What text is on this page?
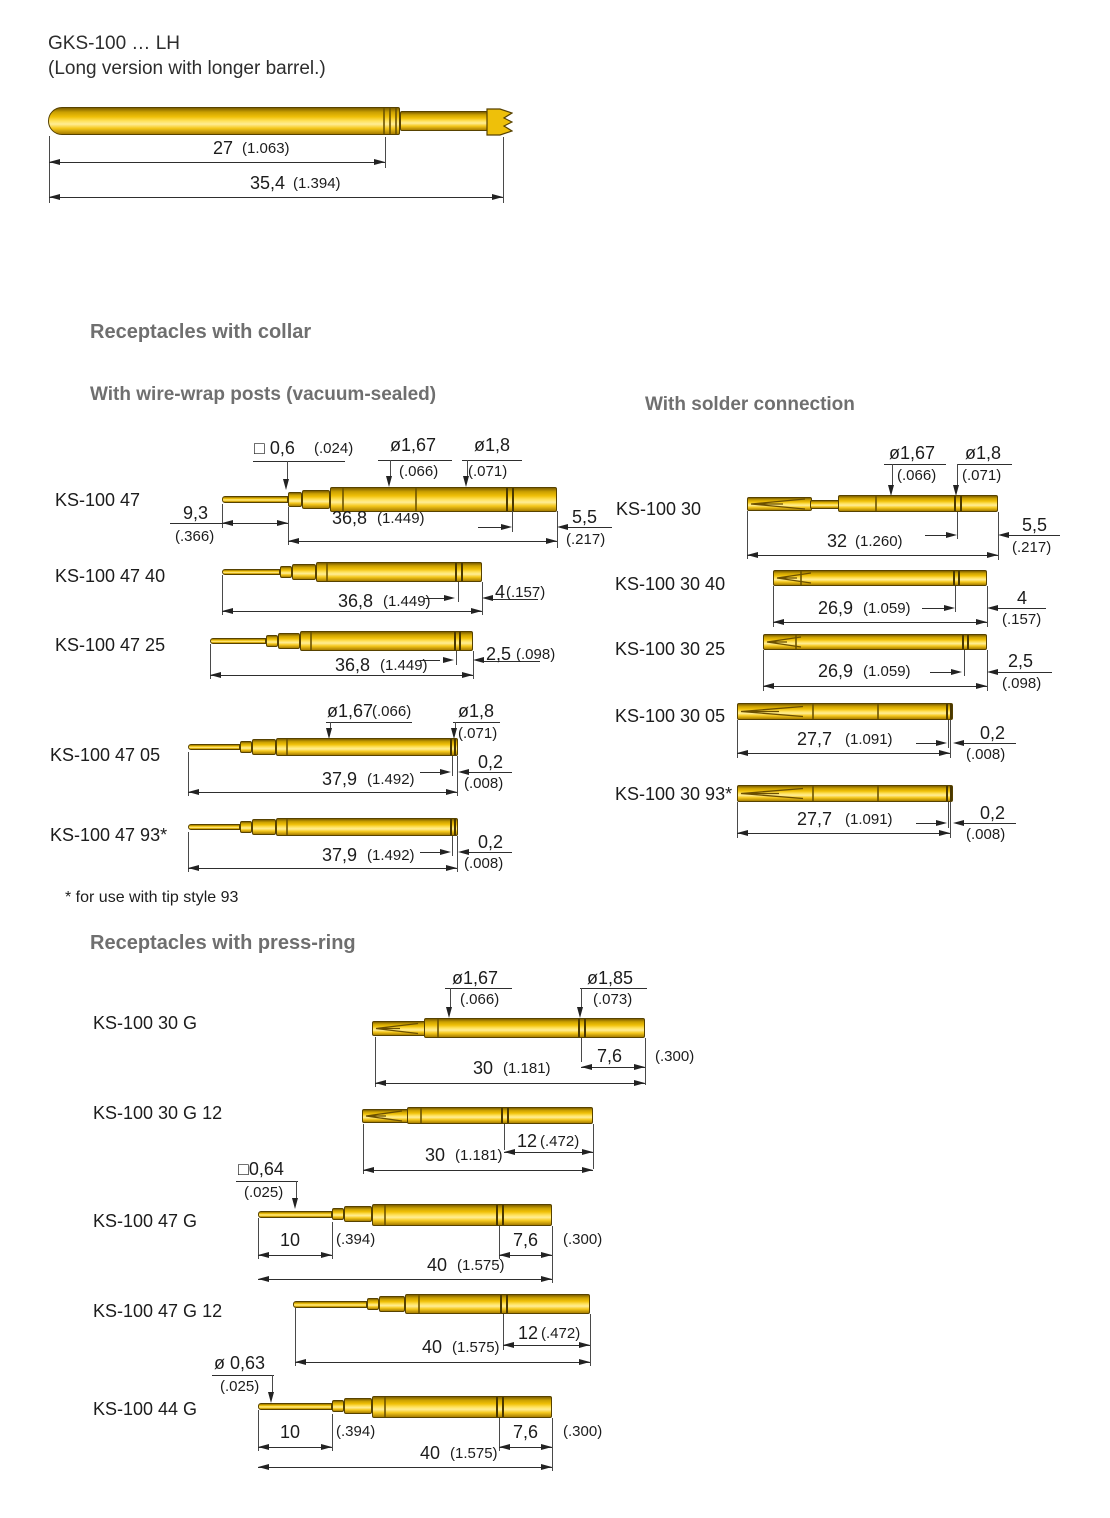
GKS-100 … LH
(Long version with longer barrel.)
27 (1.063)
35,4 (1.394)
Receptacles with collar
With wire-wrap posts (vacuum-sealed)	With solder connection
KS-100 47
□ 0,6 (.024) ø1,67
(.066)
ø1,8
(.071)
9,3
(.366)
36,8 (1.449)	5,5
(.217)
KS-100 47 40
4 (.157)
36,8 (1.449)
KS-100 47 25	2,5 (.098)
36,8 (1.449)
KS-100 47 05
ø1,67
(.066)	ø1,8
(.071)
0,2
(.008)
37,9 (1.492)
KS-100 47 93*	0,2
(.008)
37,9 (1.492)
* for use with tip style 93
KS-100 30
ø1,67
(.066)
ø1,8
(.071)
5,5
(.217)
32 (1.260)
KS-100 30 40
4
(.157)
26,9 (1.059)
KS-100 30 25
2,5
(.098)
26,9 (1.059)
KS-100 30 05
0,2
(.008)
27,7 (1.091)
KS-100 30 93*
0,2
(.008)
27,7 (1.091)
Receptacles with press-ring
KS-100 30 G
ø1,67
(.066)
ø1,85
(.073)
7,6 (.300)
30 (1.181)
KS-100 30 G 12
12 (.472)
30 (1.181)
□0,64
(.025)
KS-100 47 G
10 (.394)	7,6 (.300)
40 (1.575)
KS-100 47 G 12
12 (.472)
40 (1.575)
ø 0,63
(.025)
KS-100 44 G
10 (.394)	7,6 (.300)
40 (1.575)
